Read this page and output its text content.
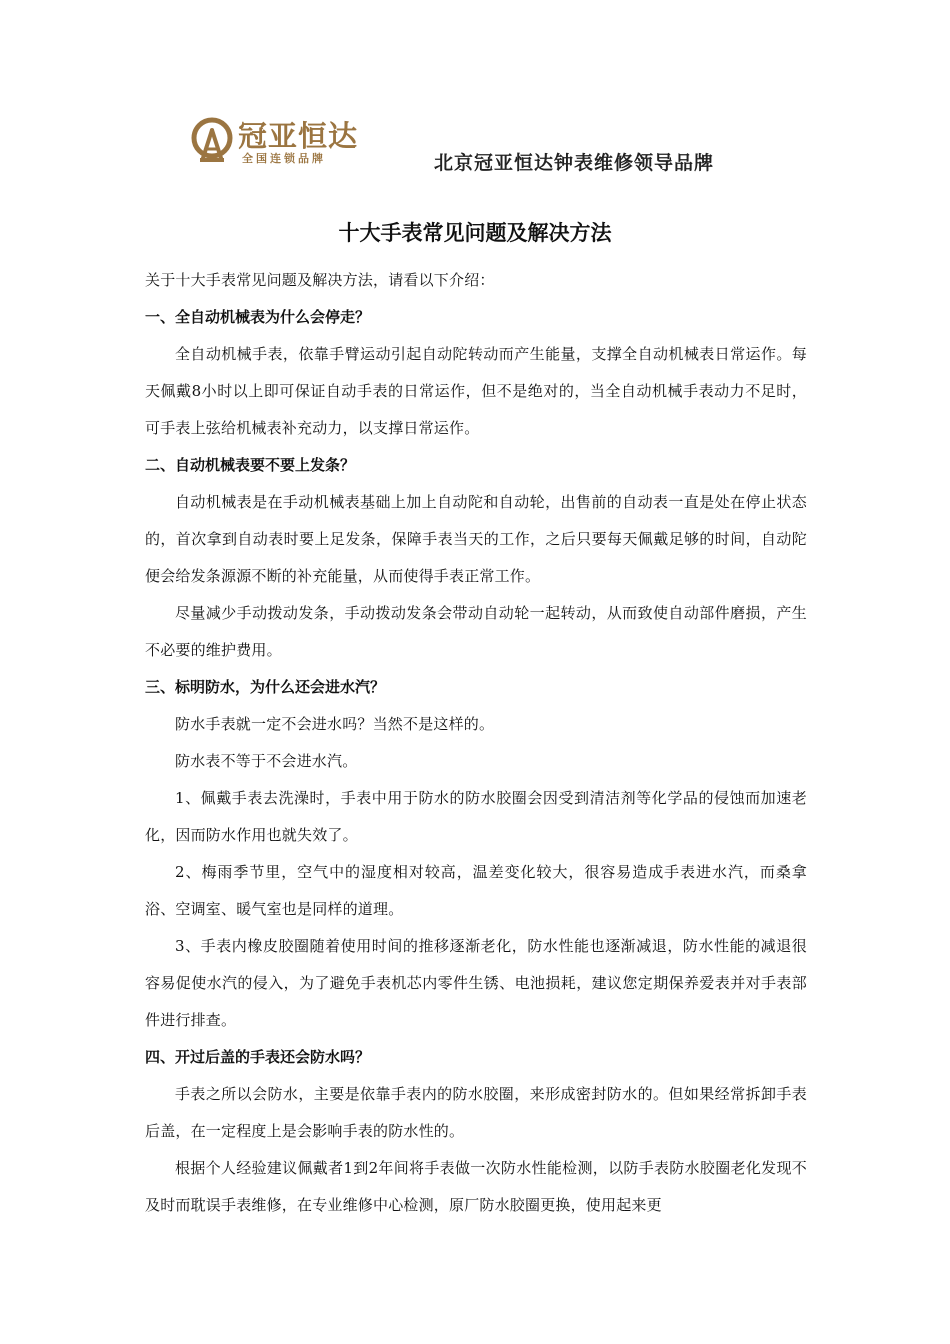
冠亚恒达
全国连锁品牌	北京冠亚恒达钟表维修领导品牌
十大手表常见问题及解决方法

关于十大手表常见问题及解决方法，请看以下介绍：

一、全自动机械表为什么会停走？

全自动机械手表，依靠手臂运动引起自动陀转动而产生能量，支撑全自动机械表日常运作。每天佩戴8小时以上即可保证自动手表的日常运作，但不是绝对的，当全自动机械手表动力不足时，可手表上弦给机械表补充动力，以支撑日常运作。

二、自动机械表要不要上发条？

自动机械表是在手动机械表基础上加上自动陀和自动轮，出售前的自动表一直是处在停止状态的，首次拿到自动表时要上足发条，保障手表当天的工作，之后只要每天佩戴足够的时间，自动陀便会给发条源源不断的补充能量，从而使得手表正常工作。

尽量减少手动拨动发条，手动拨动发条会带动自动轮一起转动，从而致使自动部件磨损，产生不必要的维护费用。

三、标明防水，为什么还会进水汽？

防水手表就一定不会进水吗？当然不是这样的。

防水表不等于不会进水汽。

1、佩戴手表去洗澡时，手表中用于防水的防水胶圈会因受到清洁剂等化学品的侵蚀而加速老化，因而防水作用也就失效了。

2、梅雨季节里，空气中的湿度相对较高，温差变化较大，很容易造成手表进水汽，而桑拿浴、空调室、暖气室也是同样的道理。

3、手表内橡皮胶圈随着使用时间的推移逐渐老化，防水性能也逐渐减退，防水性能的减退很容易促使水汽的侵入，为了避免手表机芯内零件生锈、电池损耗，建议您定期保养爱表并对手表部件进行排查。

四、开过后盖的手表还会防水吗？

手表之所以会防水，主要是依靠手表内的防水胶圈，来形成密封防水的。但如果经常拆卸手表后盖，在一定程度上是会影响手表的防水性的。

根据个人经验建议佩戴者1到2年间将手表做一次防水性能检测，以防手表防水胶圈老化发现不及时而耽误手表维修，在专业维修中心检测，原厂防水胶圈更换，使用起来更
